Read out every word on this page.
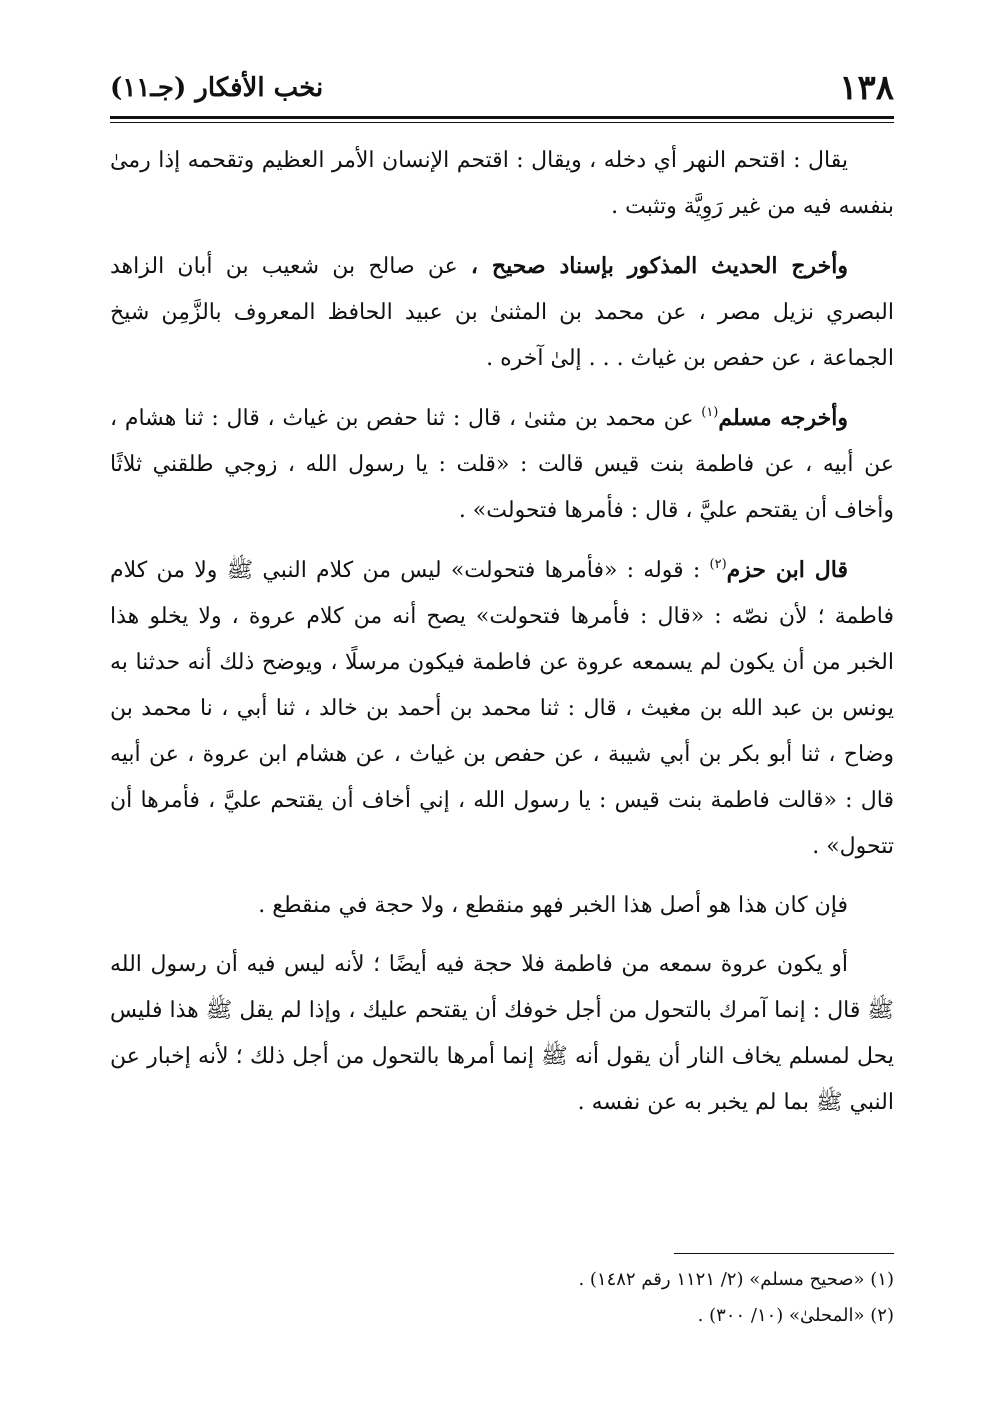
١٣٨
نخب الأفكار (جـ١١)

يقال : اقتحم النهر أي دخله ، ويقال : اقتحم الإنسان الأمر العظيم وتقحمه إذا رمىٰ بنفسه فيه من غير رَوِيَّة وتثبت .

وأخرج الحديث المذكور بإسناد صحيح ، عن صالح بن شعيب بن أبان الزاهد البصري نزيل مصر ، عن محمد بن المثنىٰ بن عبيد الحافظ المعروف بالزَّمِن شيخ الجماعة ، عن حفص بن غياث . . . إلىٰ آخره .

وأخرجه مسلم$^{(١)}$ عن محمد بن مثنىٰ ، قال : ثنا حفص بن غياث ، قال : ثنا هشام ، عن أبيه ، عن فاطمة بنت قيس قالت : «قلت : يا رسول الله ، زوجي طلقني ثلاثًا وأخاف أن يقتحم عليَّ ، قال : فأمرها فتحولت» .

قال ابن حزم$^{(٢)}$ : قوله : «فأمرها فتحولت» ليس من كلام النبي ﷺ ولا من كلام فاطمة ؛ لأن نصّه : «قال : فأمرها فتحولت» يصح أنه من كلام عروة ، ولا يخلو هذا الخبر من أن يكون لم يسمعه عروة عن فاطمة فيكون مرسلًا ، ويوضح ذلك أنه حدثنا به يونس بن عبد الله بن مغيث ، قال : ثنا محمد بن أحمد بن خالد ، ثنا أبي ، نا محمد بن وضاح ، ثنا أبو بكر بن أبي شيبة ، عن حفص بن غياث ، عن هشام ابن عروة ، عن أبيه قال : «قالت فاطمة بنت قيس : يا رسول الله ، إني أخاف أن يقتحم عليَّ ، فأمرها أن تتحول» .

فإن كان هذا هو أصل هذا الخبر فهو منقطع ، ولا حجة في منقطع .

أو يكون عروة سمعه من فاطمة فلا حجة فيه أيضًا ؛ لأنه ليس فيه أن رسول الله ﷺ قال : إنما آمرك بالتحول من أجل خوفك أن يقتحم عليك ، وإذا لم يقل ﷺ هذا فليس يحل لمسلم يخاف النار أن يقول أنه ﷺ إنما أمرها بالتحول من أجل ذلك ؛ لأنه إخبار عن النبي ﷺ بما لم يخبر به عن نفسه .

(١) «صحيح مسلم» (٢/ ١١٢١ رقم ١٤٨٢) .

(٢) «المحلىٰ» (١٠/ ٣٠٠) .
